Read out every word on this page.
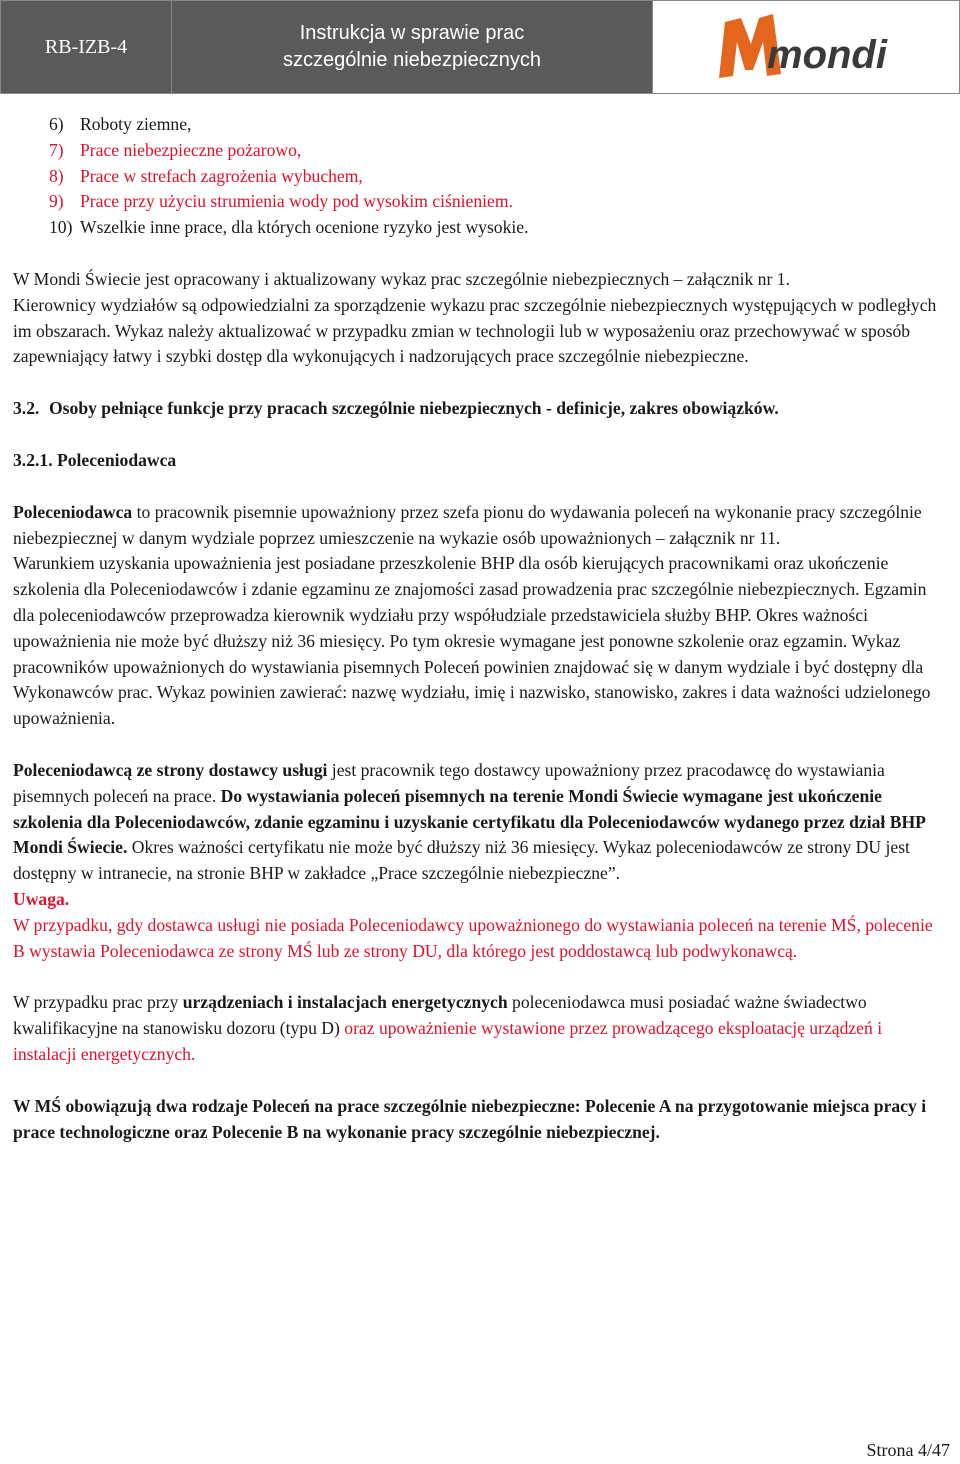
RB-IZB-4
Instrukcja w sprawie prac
szczególnie niebezpiecznych	mondi
6) Roboty ziemne,
7) Prace niebezpieczne pożarowo,
8) Prace w strefach zagrożenia wybuchem,
9) Prace przy użyciu strumienia wody pod wysokim ciśnieniem.
10) Wszelkie inne prace, dla których ocenione ryzyko jest wysokie.

W Mondi Świecie jest opracowany i aktualizowany wykaz prac szczególnie niebezpiecznych – załącznik nr 1.

Kierownicy wydziałów są odpowiedzialni za sporządzenie wykazu prac szczególnie niebezpiecznych występujących w podległych im obszarach. Wykaz należy aktualizować w przypadku zmian w technologii lub w wyposażeniu oraz przechowywać w sposób zapewniający łatwy i szybki dostęp dla wykonujących i nadzorujących prace szczególnie niebezpieczne.

3.2. Osoby pełniące funkcje przy pracach szczególnie niebezpiecznych - definicje, zakres obowiązków.

3.2.1. Poleceniodawca

Poleceniodawca to pracownik pisemnie upoważniony przez szefa pionu do wydawania poleceń na wykonanie pracy szczególnie niebezpiecznej w danym wydziale poprzez umieszczenie na wykazie osób upoważnionych – załącznik nr 11.

Warunkiem uzyskania upoważnienia jest posiadane przeszkolenie BHP dla osób kierujących pracownikami oraz ukończenie szkolenia dla Poleceniodawców i zdanie egzaminu ze znajomości zasad prowadzenia prac szczególnie niebezpiecznych. Egzamin dla poleceniodawców przeprowadza kierownik wydziału przy współudziale przedstawiciela służby BHP. Okres ważności upoważnienia nie może być dłuższy niż 36 miesięcy. Po tym okresie wymagane jest ponowne szkolenie oraz egzamin. Wykaz pracowników upoważnionych do wystawiania pisemnych Poleceń powinien znajdować się w danym wydziale i być dostępny dla Wykonawców prac. Wykaz powinien zawierać: nazwę wydziału, imię i nazwisko, stanowisko, zakres i data ważności udzielonego upoważnienia.

Poleceniodawcą ze strony dostawcy usługi jest pracownik tego dostawcy upoważniony przez pracodawcę do wystawiania pisemnych poleceń na prace. Do wystawiania poleceń pisemnych na terenie Mondi Świecie wymagane jest ukończenie szkolenia dla Poleceniodawców, zdanie egzaminu i uzyskanie certyfikatu dla Poleceniodawców wydanego przez dział BHP Mondi Świecie. Okres ważności certyfikatu nie może być dłuższy niż 36 miesięcy. Wykaz poleceniodawców ze strony DU jest dostępny w intranecie, na stronie BHP w zakładce „Prace szczególnie niebezpieczne”.

Uwaga.

W przypadku, gdy dostawca usługi nie posiada Poleceniodawcy upoważnionego do wystawiania poleceń na terenie MŚ, polecenie B wystawia Poleceniodawca ze strony MŚ lub ze strony DU, dla którego jest poddostawcą lub podwykonawcą.

W przypadku prac przy urządzeniach i instalacjach energetycznych poleceniodawca musi posiadać ważne świadectwo kwalifikacyjne na stanowisku dozoru (typu D) oraz upoważnienie wystawione przez prowadzącego eksploatację urządzeń i instalacji energetycznych.

W MŚ obowiązują dwa rodzaje Poleceń na prace szczególnie niebezpieczne: Polecenie A na przygotowanie miejsca pracy i prace technologiczne oraz Polecenie B na wykonanie pracy szczególnie niebezpiecznej.

Strona 4/47
